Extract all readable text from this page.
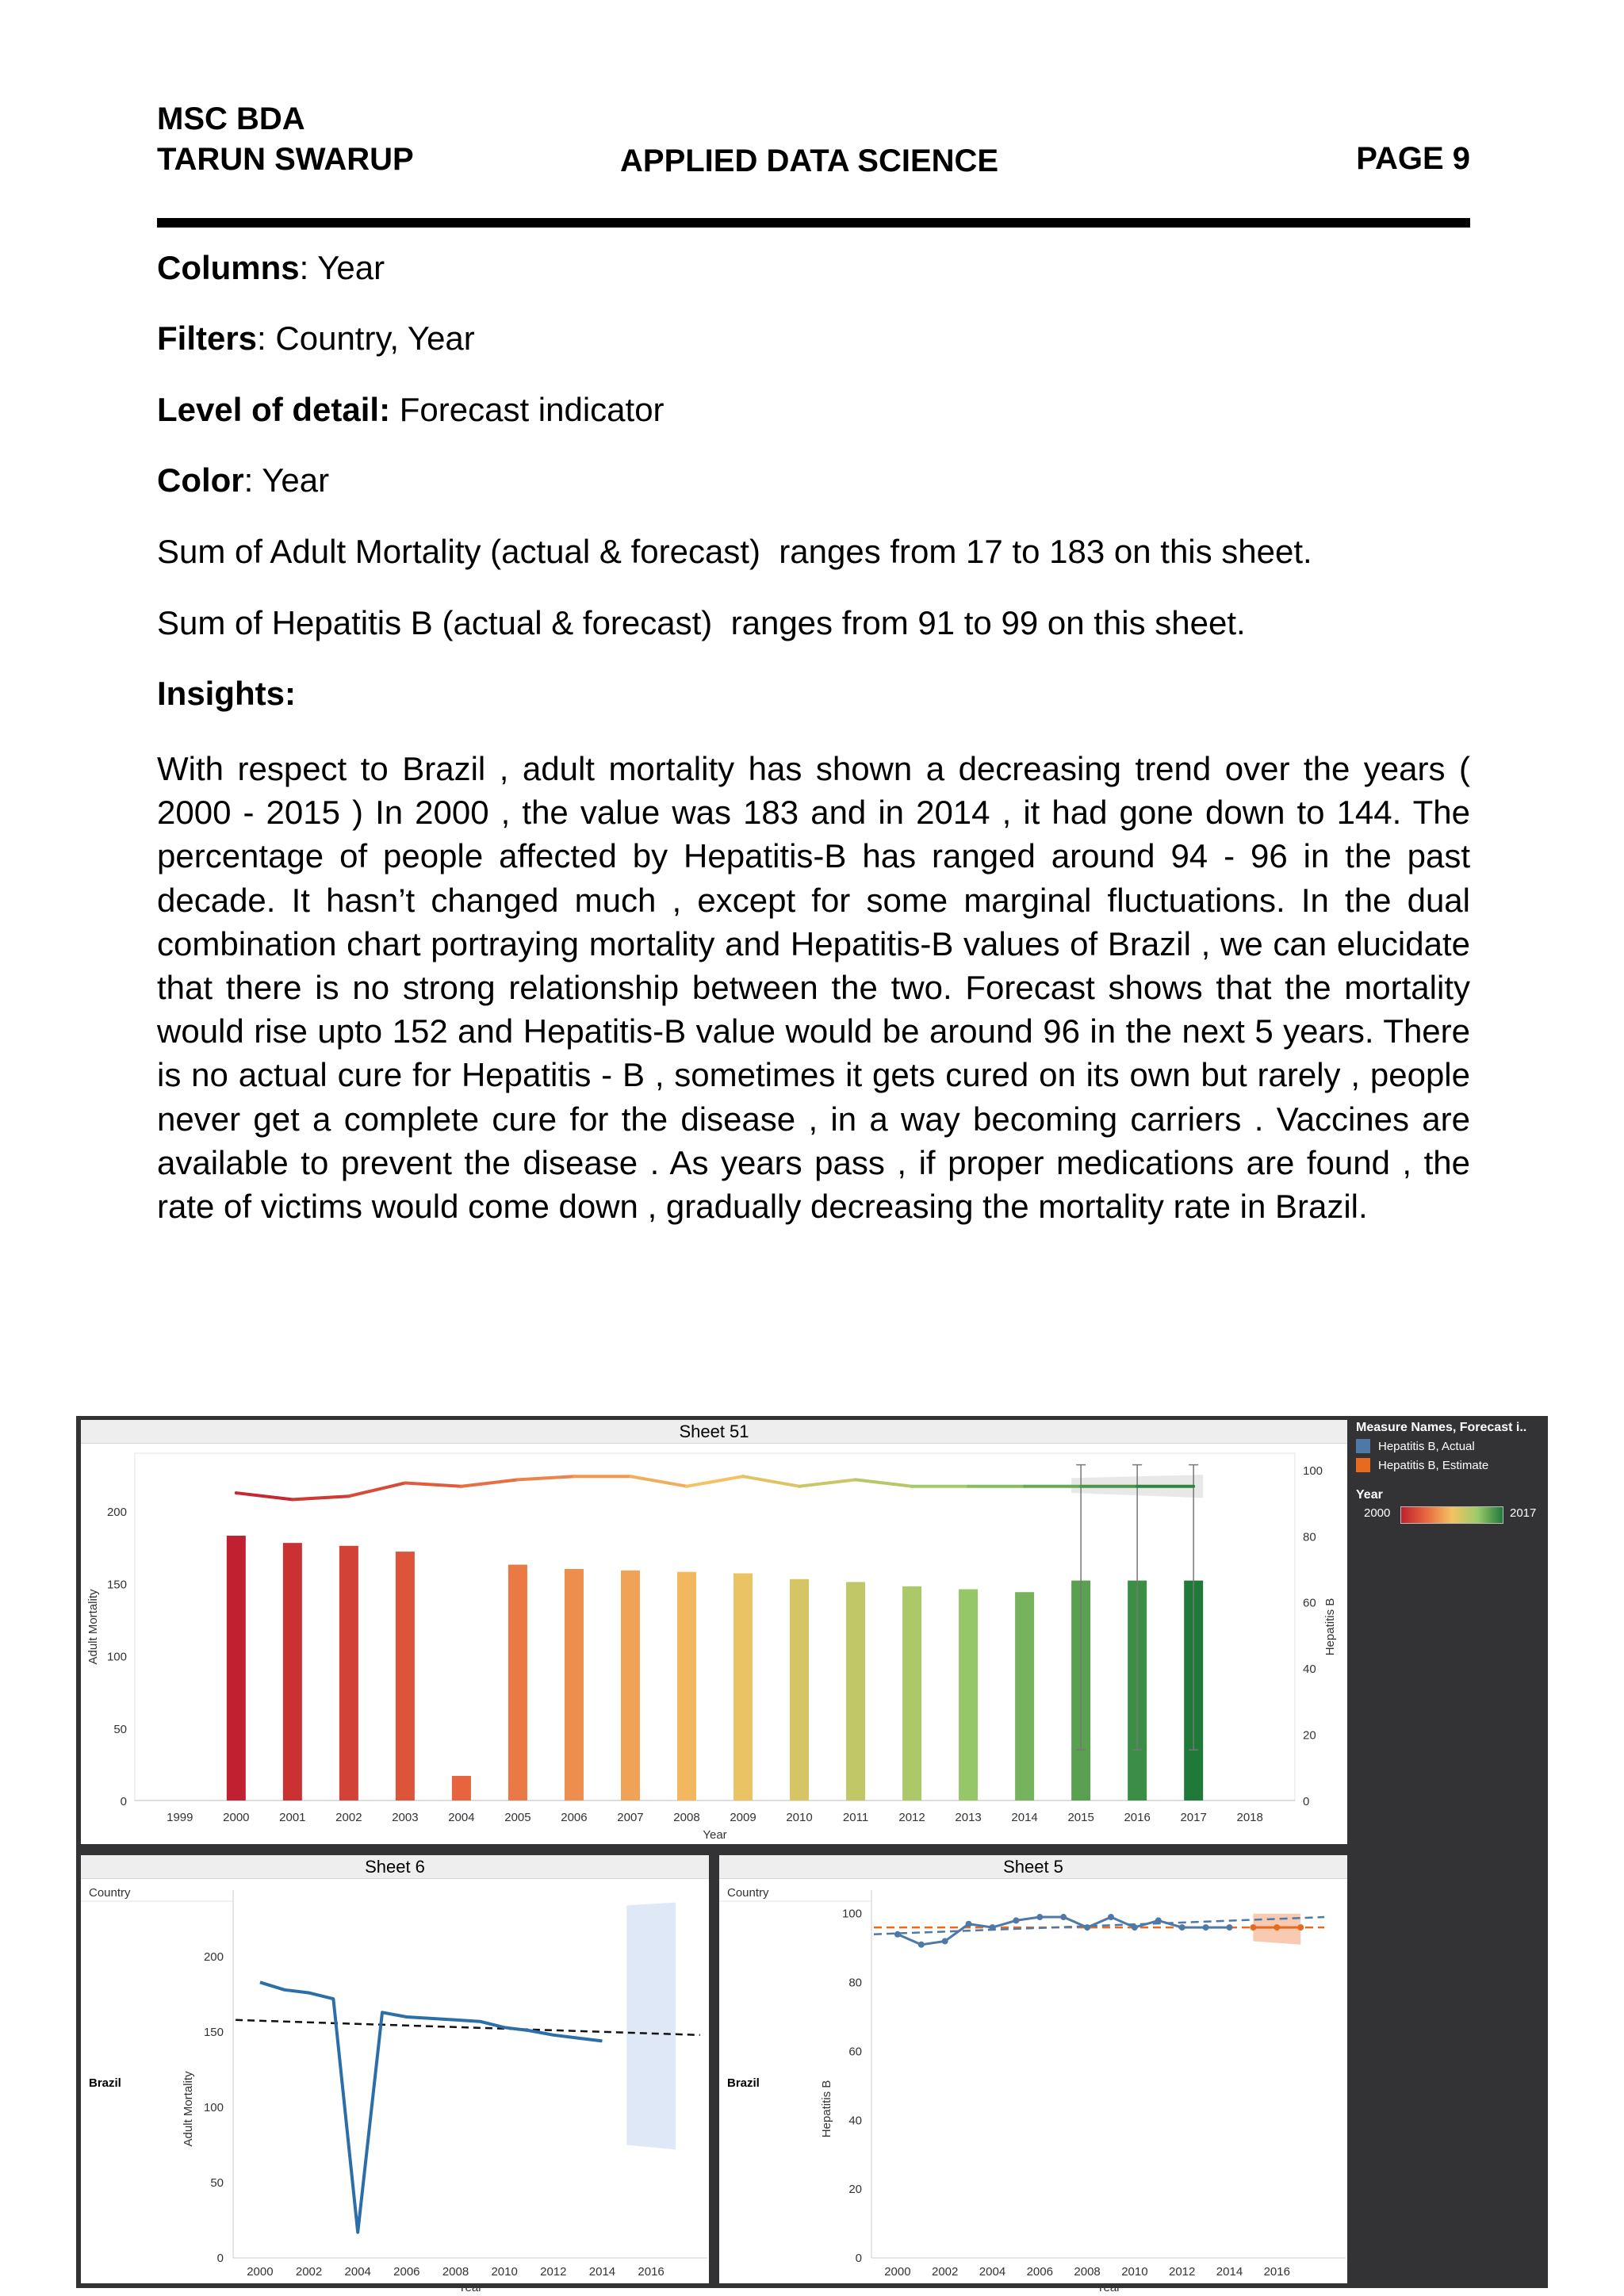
MSC BDA
TARUN SWARUP	APPLIED DATA SCIENCE	PAGE 9
Columns: Year
Filters: Country, Year
Level of detail: Forecast indicator
Color: Year
Sum of Adult Mortality (actual & forecast)  ranges from 17 to 183 on this sheet.
Sum of Hepatitis B (actual & forecast)  ranges from 91 to 99 on this sheet.
Insights:
With respect to Brazil , adult mortality has shown a decreasing trend over the years ( 2000 - 2015 ) In 2000 , the value was 183 and in 2014 , it had gone down to 144. The percentage of people affected by Hepatitis-B has ranged around 94 - 96 in the past decade. It hasn’t changed much , except for some marginal fluctuations. In the dual combination chart portraying mortality and Hepatitis-B values of Brazil , we can elucidate that there is no strong relationship between the two. Forecast shows that the mortality would rise upto 152 and Hepatitis-B value would be around 96 in the next 5 years. There is no actual cure for Hepatitis - B , sometimes it gets cured on its own but rarely , people never get a complete cure for the disease , in a way becoming carriers . Vaccines are available to prevent the disease . As years pass , if proper medications are found , the rate of victims would come down , gradually decreasing the mortality rate in Brazil.
Sheet 51
0
50
100
150
200
0
20
40
60
80
100
1999	2000	2001	2002	2003	2004	2005	2006	2007	2008	2009	2010	2011	2012	2013	2014	2015	2016	2017	2018
Year
Adult Mortality	Hepatitis B
Sheet 6
Country
Brazil
0
50
100
150
200
2000 2002 2004 2006 2008 2010 2012 2014 2016
Year
Adult Mortality
Sheet 5
Country
Brazil
0
20
40
60
80
100
2000 2002 2004 2006 2008 2010 2012 2014 2016
Year
Hepatitis B
Measure Names, Forecast i..
Hepatitis B, Actual
Hepatitis B, Estimate
Year
2000	2017
